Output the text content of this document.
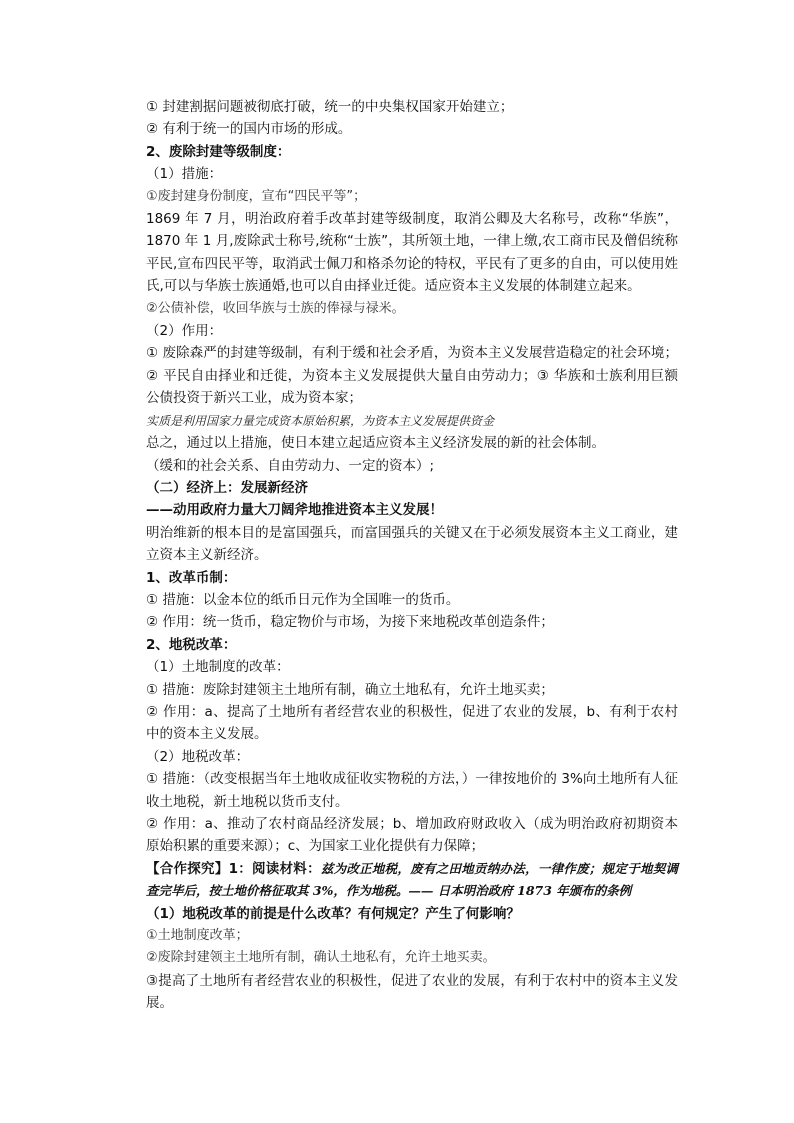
① 封建割据问题被彻底打破，统一的中央集权国家开始建立；
② 有利于统一的国内市场的形成。
2、废除封建等级制度：
（1）措施：
①废封建身份制度，宣布“四民平等”；
1869 年 7 月，明治政府着手改革封建等级制度，取消公卿及大名称号，改称“华族”，1870 年 1 月,废除武士称号,统称“士族”，其所领土地，一律上缴,农工商市民及僧侣统称平民,宣布四民平等，取消武士佩刀和格杀勿论的特权，平民有了更多的自由，可以使用姓氏,可以与华族士族通婚,也可以自由择业迁徙。适应资本主义发展的体制建立起来。
②公债补偿，收回华族与士族的俸禄与禄米。
（2）作用：
① 废除森严的封建等级制，有利于缓和社会矛盾，为资本主义发展营造稳定的社会环境；② 平民自由择业和迁徙，为资本主义发展提供大量自由劳动力；③ 华族和士族利用巨额公债投资于新兴工业，成为资本家；
实质是利用国家力量完成资本原始积累，为资本主义发展提供资金
总之，通过以上措施，使日本建立起适应资本主义经济发展的新的社会体制。
（缓和的社会关系、自由劳动力、一定的资本）;
（二）经济上：发展新经济
——动用政府力量大刀阔斧地推进资本主义发展！
明治维新的根本目的是富国强兵，而富国强兵的关键又在于必须发展资本主义工商业，建立资本主义新经济。
1、改革币制：
① 措施：以金本位的纸币日元作为全国唯一的货币。
② 作用：统一货币，稳定物价与市场，为接下来地税改革创造条件；
2、地税改革：
（1）土地制度的改革：
① 措施：废除封建领主土地所有制，确立土地私有，允许土地买卖；
② 作用：a、提高了土地所有者经营农业的积极性，促进了农业的发展，b、有利于农村中的资本主义发展。
（2）地税改革：
① 措施：（改变根据当年土地收成征收实物税的方法，）一律按地价的 3%向土地所有人征收土地税，新土地税以货币支付。
② 作用：a、推动了农村商品经济发展；b、增加政府财政收入（成为明治政府初期资本原始积累的重要来源）；c、为国家工业化提供有力保障；
【合作探究】1：阅读材料：兹为改正地税，废有之田地贡纳办法，一律作废；规定于地契调查完毕后，按土地价格征取其 3%，作为地税。—— 日本明治政府 1873 年颁布的条例
（1）地税改革的前提是什么改革？有何规定？产生了何影响？
①土地制度改革；
②废除封建领主土地所有制，确认土地私有，允许土地买卖。
③提高了土地所有者经营农业的积极性，促进了农业的发展，有利于农村中的资本主义发展。
